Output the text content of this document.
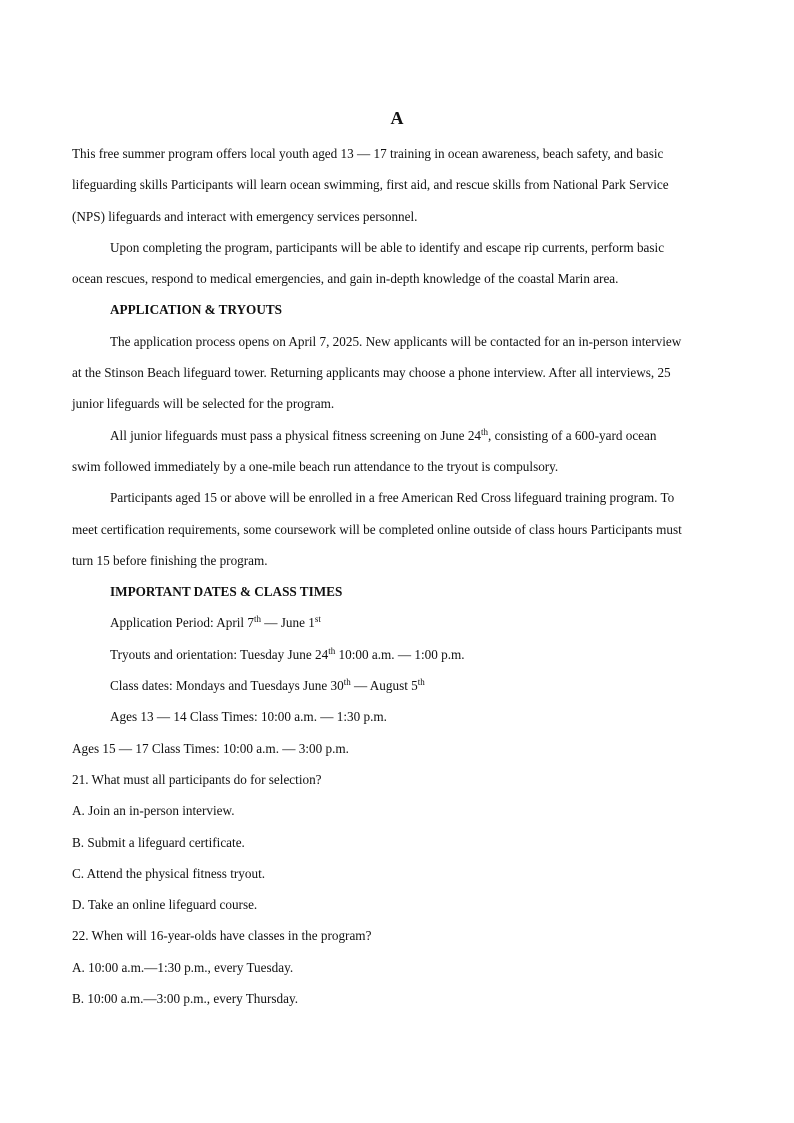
A
This free summer program offers local youth aged 13 — 17 training in ocean awareness, beach safety, and basic
lifeguarding skills Participants will learn ocean swimming, first aid, and rescue skills from National Park Service
(NPS) lifeguards and interact with emergency services personnel.
Upon completing the program, participants will be able to identify and escape rip currents, perform basic
ocean rescues, respond to medical emergencies, and gain in-depth knowledge of the coastal Marin area.
APPLICATION & TRYOUTS
The application process opens on April 7, 2025. New applicants will be contacted for an in-person interview
at the Stinson Beach lifeguard tower. Returning applicants may choose a phone interview. After all interviews, 25
junior lifeguards will be selected for the program.
All junior lifeguards must pass a physical fitness screening on June 24th, consisting of a 600-yard ocean
swim followed immediately by a one-mile beach run attendance to the tryout is compulsory.
Participants aged 15 or above will be enrolled in a free American Red Cross lifeguard training program. To
meet certification requirements, some coursework will be completed online outside of class hours Participants must
turn 15 before finishing the program.
IMPORTANT DATES & CLASS TIMES
Application Period: April 7th — June 1st
Tryouts and orientation: Tuesday June 24th 10:00 a.m. — 1:00 p.m.
Class dates: Mondays and Tuesdays June 30th — August 5th
Ages 13 — 14 Class Times: 10:00 a.m. — 1:30 p.m.
Ages 15 — 17 Class Times: 10:00 a.m. — 3:00 p.m.
21. What must all participants do for selection?
A. Join an in-person interview.
B. Submit a lifeguard certificate.
C. Attend the physical fitness tryout.
D. Take an online lifeguard course.
22. When will 16-year-olds have classes in the program?
A. 10:00 a.m.—1:30 p.m., every Tuesday.
B. 10:00 a.m.—3:00 p.m., every Thursday.
